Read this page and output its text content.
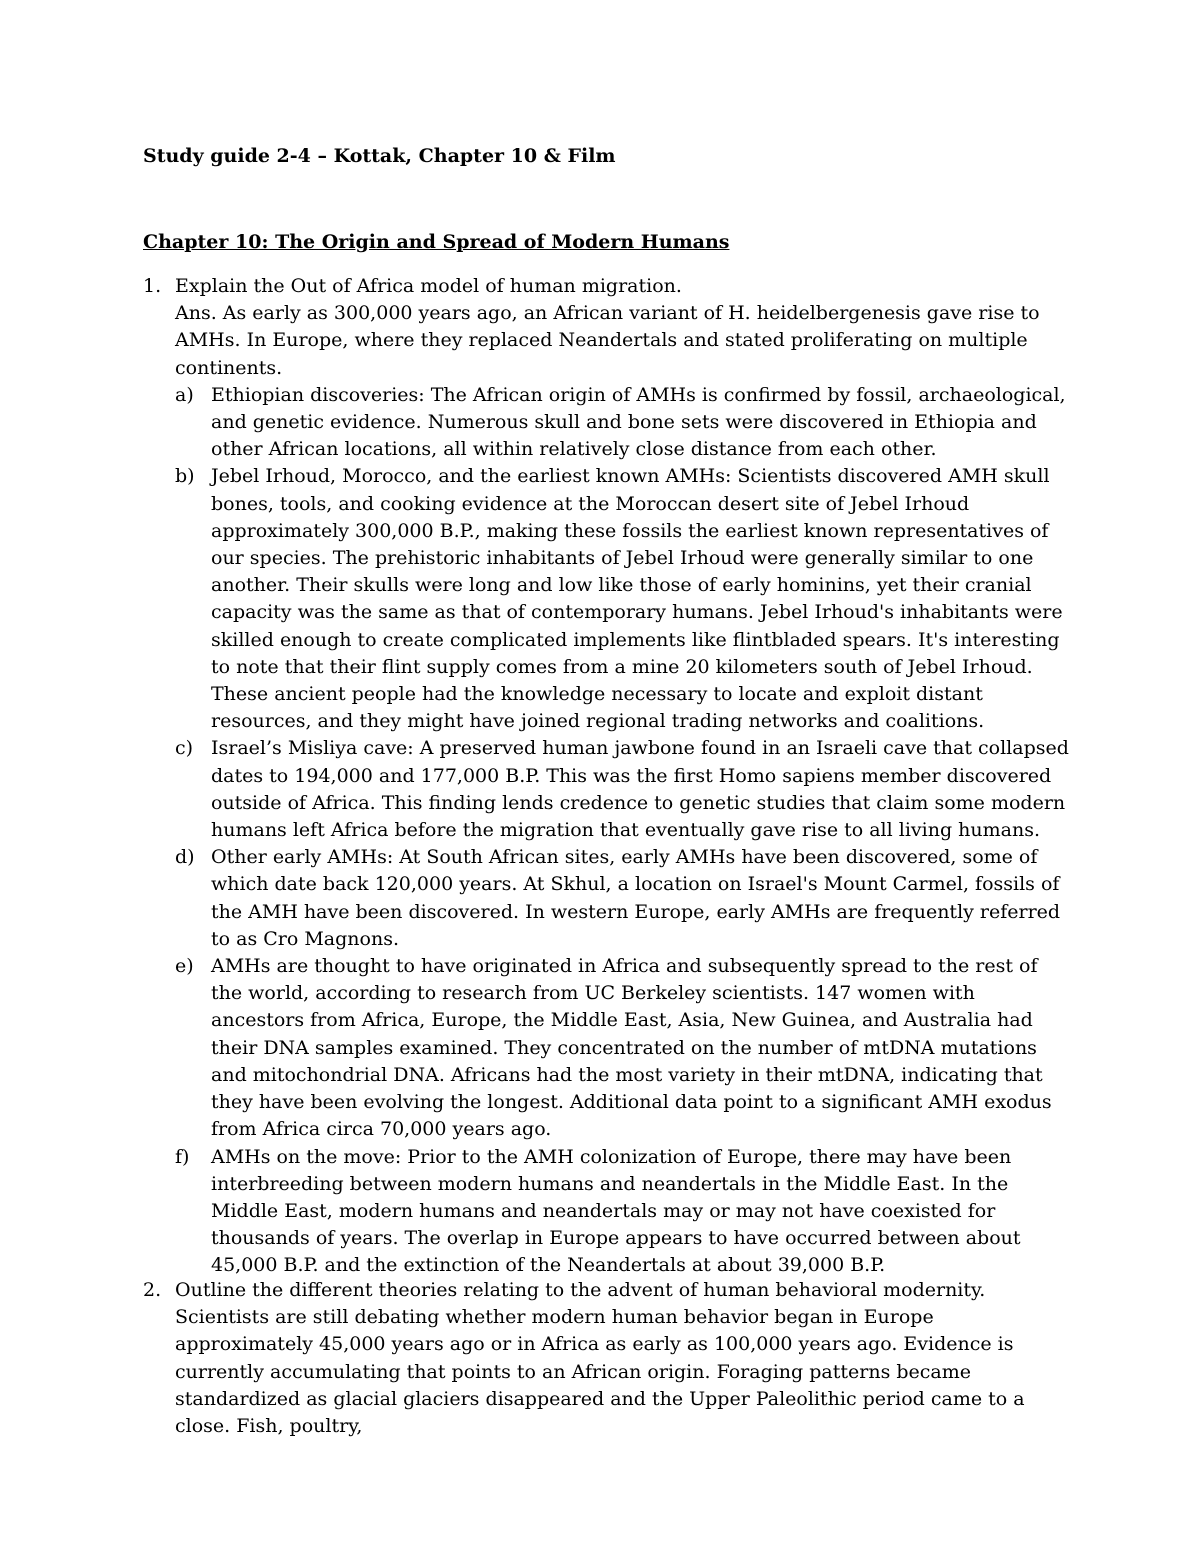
Study guide 2-4 – Kottak, Chapter 10 & Film
Chapter 10: The Origin and Spread of Modern Humans
1. Explain the Out of Africa model of human migration.
Ans. As early as 300,000 years ago, an African variant of H. heidelbergenesis gave rise to AMHs. In Europe, where they replaced Neandertals and stated proliferating on multiple continents.
a) Ethiopian discoveries: The African origin of AMHs is confirmed by fossil, archaeological, and genetic evidence. Numerous skull and bone sets were discovered in Ethiopia and other African locations, all within relatively close distance from each other.
b) Jebel Irhoud, Morocco, and the earliest known AMHs: Scientists discovered AMH skull bones, tools, and cooking evidence at the Moroccan desert site of Jebel Irhoud approximately 300,000 B.P., making these fossils the earliest known representatives of our species. The prehistoric inhabitants of Jebel Irhoud were generally similar to one another. Their skulls were long and low like those of early hominins, yet their cranial capacity was the same as that of contemporary humans. Jebel Irhoud's inhabitants were skilled enough to create complicated implements like flintbladed spears. It's interesting to note that their flint supply comes from a mine 20 kilometers south of Jebel Irhoud. These ancient people had the knowledge necessary to locate and exploit distant resources, and they might have joined regional trading networks and coalitions.
c) Israel’s Misliya cave: A preserved human jawbone found in an Israeli cave that collapsed dates to 194,000 and 177,000 B.P. This was the first Homo sapiens member discovered outside of Africa. This finding lends credence to genetic studies that claim some modern humans left Africa before the migration that eventually gave rise to all living humans.
d) Other early AMHs: At South African sites, early AMHs have been discovered, some of which date back 120,000 years. At Skhul, a location on Israel's Mount Carmel, fossils of the AMH have been discovered. In western Europe, early AMHs are frequently referred to as Cro Magnons.
e) AMHs are thought to have originated in Africa and subsequently spread to the rest of the world, according to research from UC Berkeley scientists. 147 women with ancestors from Africa, Europe, the Middle East, Asia, New Guinea, and Australia had their DNA samples examined. They concentrated on the number of mtDNA mutations and mitochondrial DNA. Africans had the most variety in their mtDNA, indicating that they have been evolving the longest. Additional data point to a significant AMH exodus from Africa circa 70,000 years ago.
f) AMHs on the move: Prior to the AMH colonization of Europe, there may have been interbreeding between modern humans and neandertals in the Middle East. In the Middle East, modern humans and neandertals may or may not have coexisted for thousands of years. The overlap in Europe appears to have occurred between about 45,000 B.P. and the extinction of the Neandertals at about 39,000 B.P.
2. Outline the different theories relating to the advent of human behavioral modernity.
Scientists are still debating whether modern human behavior began in Europe approximately 45,000 years ago or in Africa as early as 100,000 years ago. Evidence is currently accumulating that points to an African origin. Foraging patterns became standardized as glacial glaciers disappeared and the Upper Paleolithic period came to a close. Fish, poultry,
